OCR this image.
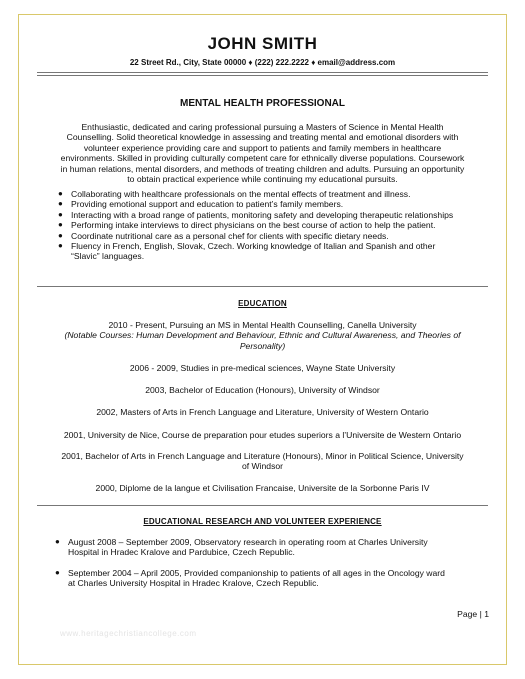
JOHN SMITH
22 Street Rd., City, State 00000 ♦ (222) 222.2222 ♦ email@address.com
MENTAL HEALTH PROFESSIONAL
Enthusiastic, dedicated and caring professional pursuing a Masters of Science in Mental Health
Counselling. Solid theoretical knowledge in assessing and treating mental and emotional disorders with
volunteer experience providing care and support to patients and family members in healthcare
environments. Skilled in providing culturally competent care for ethnically diverse populations. Coursework
in human relations, mental disorders, and methods of treating children and adults. Pursuing an opportunity
to obtain practical experience while continuing my educational pursuits.
● Collaborating with healthcare professionals on the mental effects of treatment and illness.
● Providing emotional support and education to patient’s family members.
● Interacting with a broad range of patients, monitoring safety and developing therapeutic relationships
● Performing intake interviews to direct physicians on the best course of action to help the patient.
● Coordinate nutritional care as a personal chef for clients with specific dietary needs.
● Fluency in French, English, Slovak, Czech. Working knowledge of Italian and Spanish and other
“Slavic” languages.
EDUCATION
2010 - Present, Pursuing an MS in Mental Health Counselling, Canella University
(Notable Courses: Human Development and Behaviour, Ethnic and Cultural Awareness, and Theories of
Personality)
2006 - 2009, Studies in pre-medical sciences, Wayne State University
2003, Bachelor of Education (Honours), University of Windsor
2002, Masters of Arts in French Language and Literature, University of Western Ontario
2001, University de Nice, Course de preparation pour etudes superiors a l’Universite de Western Ontario
2001, Bachelor of Arts in French Language and Literature (Honours), Minor in Political Science, University
of Windsor
2000, Diplome de la langue et Civilisation Francaise, Universite de la Sorbonne Paris IV
EDUCATIONAL RESEARCH AND VOLUNTEER EXPERIENCE
● August 2008 – September 2009, Observatory research in operating room at Charles University
Hospital in Hradec Kralove and Pardubice, Czech Republic.
● September 2004 – April 2005, Provided companionship to patients of all ages in the Oncology ward
at Charles University Hospital in Hradec Kralove, Czech Republic.
Page | 1
www.heritagechristiancollege.com
